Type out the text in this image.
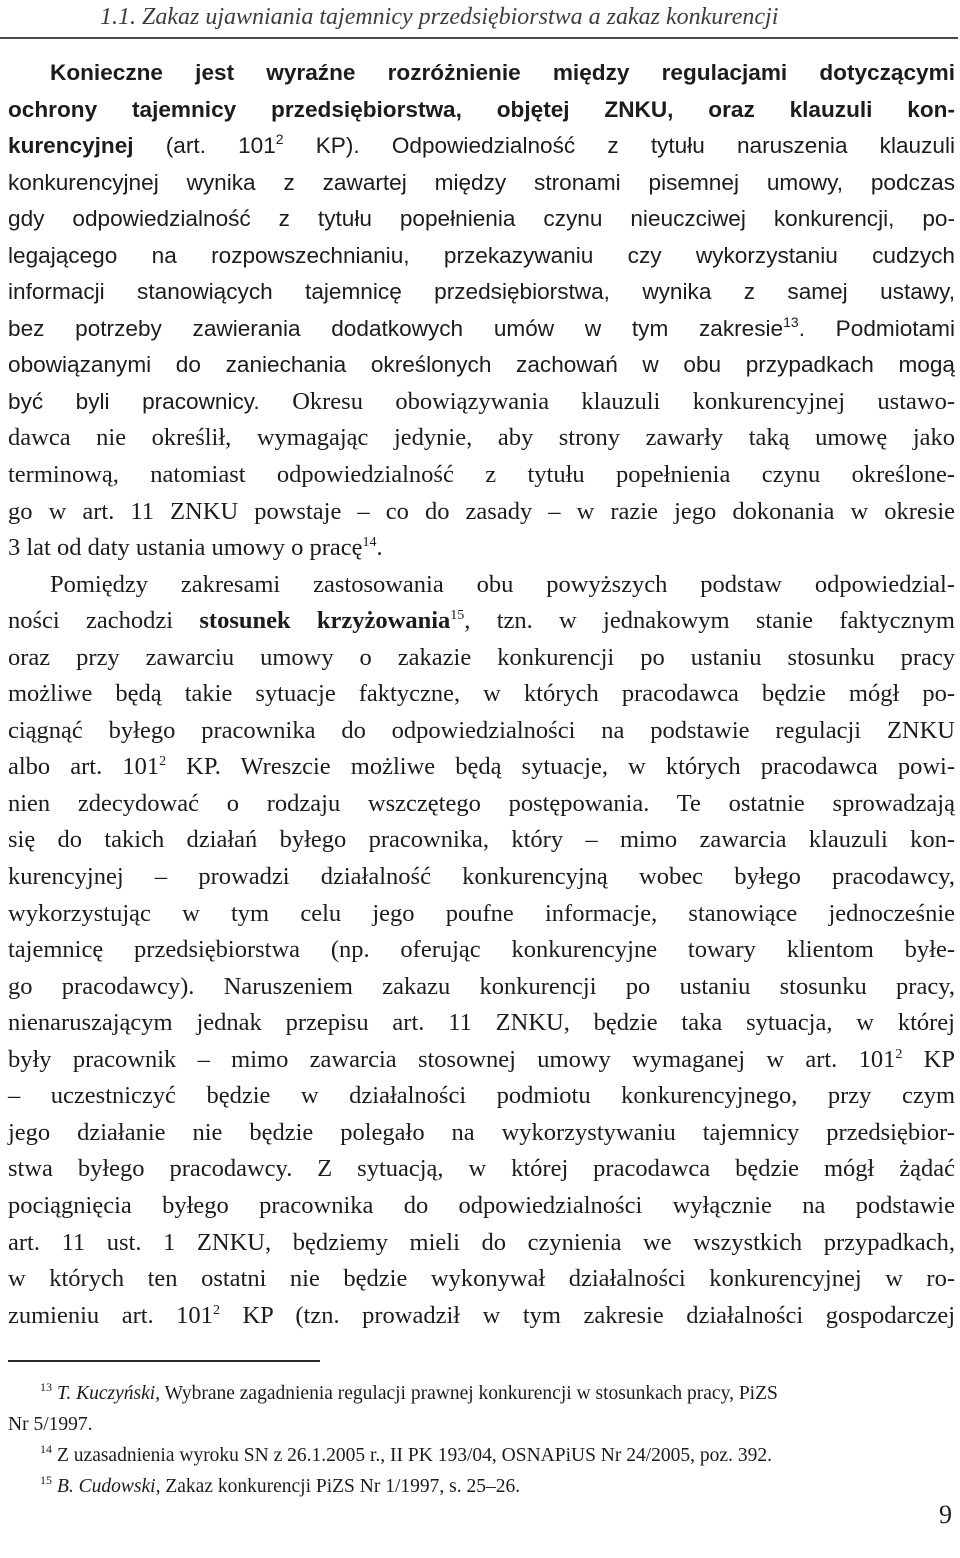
1.1. Zakaz ujawniania tajemnicy przedsiębiorstwa a zakaz konkurencji
Konieczne jest wyraźne rozróżnienie między regulacjami dotyczącymi
ochrony tajemnicy przedsiębiorstwa, objętej ZNKU, oraz klauzuli kon-
kurencyjnej (art. $101^2$ KP). Odpowiedzialność z tytułu naruszenia klauzuli
konkurencyjnej wynika z zawartej między stronami pisemnej umowy, podczas
gdy odpowiedzialność z tytułu popełnienia czynu nieuczciwej konkurencji, po-
legającego na rozpowszechnianiu, przekazywaniu czy wykorzystaniu cudzych
informacji stanowiących tajemnicę przedsiębiorstwa, wynika z samej ustawy,
bez potrzeby zawierania dodatkowych umów w tym zakresie$^{13}$. Podmiotami
obowiązanymi do zaniechania określonych zachowań w obu przypadkach mogą
być byli pracownicy. Okresu obowiązywania klauzuli konkurencyjnej ustawo-
dawca nie określił, wymagając jedynie, aby strony zawarły taką umowę jako
terminową, natomiast odpowiedzialność z tytułu popełnienia czynu określone-
go w art. 11 ZNKU powstaje – co do zasady – w razie jego dokonania w okresie
3 lat od daty ustania umowy o pracę$^{14}$.
Pomiędzy zakresami zastosowania obu powyższych podstaw odpowiedzial-
ności zachodzi stosunek krzyżowania$^{15}$, tzn. w jednakowym stanie faktycznym
oraz przy zawarciu umowy o zakazie konkurencji po ustaniu stosunku pracy
możliwe będą takie sytuacje faktyczne, w których pracodawca będzie mógł po-
ciągnąć byłego pracownika do odpowiedzialności na podstawie regulacji ZNKU
albo art. $101^2$ KP. Wreszcie możliwe będą sytuacje, w których pracodawca powi-
nien zdecydować o rodzaju wszczętego postępowania. Te ostatnie sprowadzają
się do takich działań byłego pracownika, który – mimo zawarcia klauzuli kon-
kurencyjnej – prowadzi działalność konkurencyjną wobec byłego pracodawcy,
wykorzystując w tym celu jego poufne informacje, stanowiące jednocześnie
tajemnicę przedsiębiorstwa (np. oferując konkurencyjne towary klientom byłe-
go pracodawcy). Naruszeniem zakazu konkurencji po ustaniu stosunku pracy,
nienaruszającym jednak przepisu art. 11 ZNKU, będzie taka sytuacja, w której
były pracownik – mimo zawarcia stosownej umowy wymaganej w art. $101^2$ KP
– uczestniczyć będzie w działalności podmiotu konkurencyjnego, przy czym
jego działanie nie będzie polegało na wykorzystywaniu tajemnicy przedsiębior-
stwa byłego pracodawcy. Z sytuacją, w której pracodawca będzie mógł żądać
pociągnięcia byłego pracownika do odpowiedzialności wyłącznie na podstawie
art. 11 ust. 1 ZNKU, będziemy mieli do czynienia we wszystkich przypadkach,
w których ten ostatni nie będzie wykonywał działalności konkurencyjnej w ro-
zumieniu art. $101^2$ KP (tzn. prowadził w tym zakresie działalności gospodarczej
$^{13}$ T. Kuczyński, Wybrane zagadnienia regulacji prawnej konkurencji w stosunkach pracy, PiZS
Nr 5/1997.
$^{14}$ Z uzasadnienia wyroku SN z 26.1.2005 r., II PK 193/04, OSNAPiUS Nr 24/2005, poz. 392.
$^{15}$ B. Cudowski, Zakaz konkurencji PiZS Nr 1/1997, s. 25–26.
9
